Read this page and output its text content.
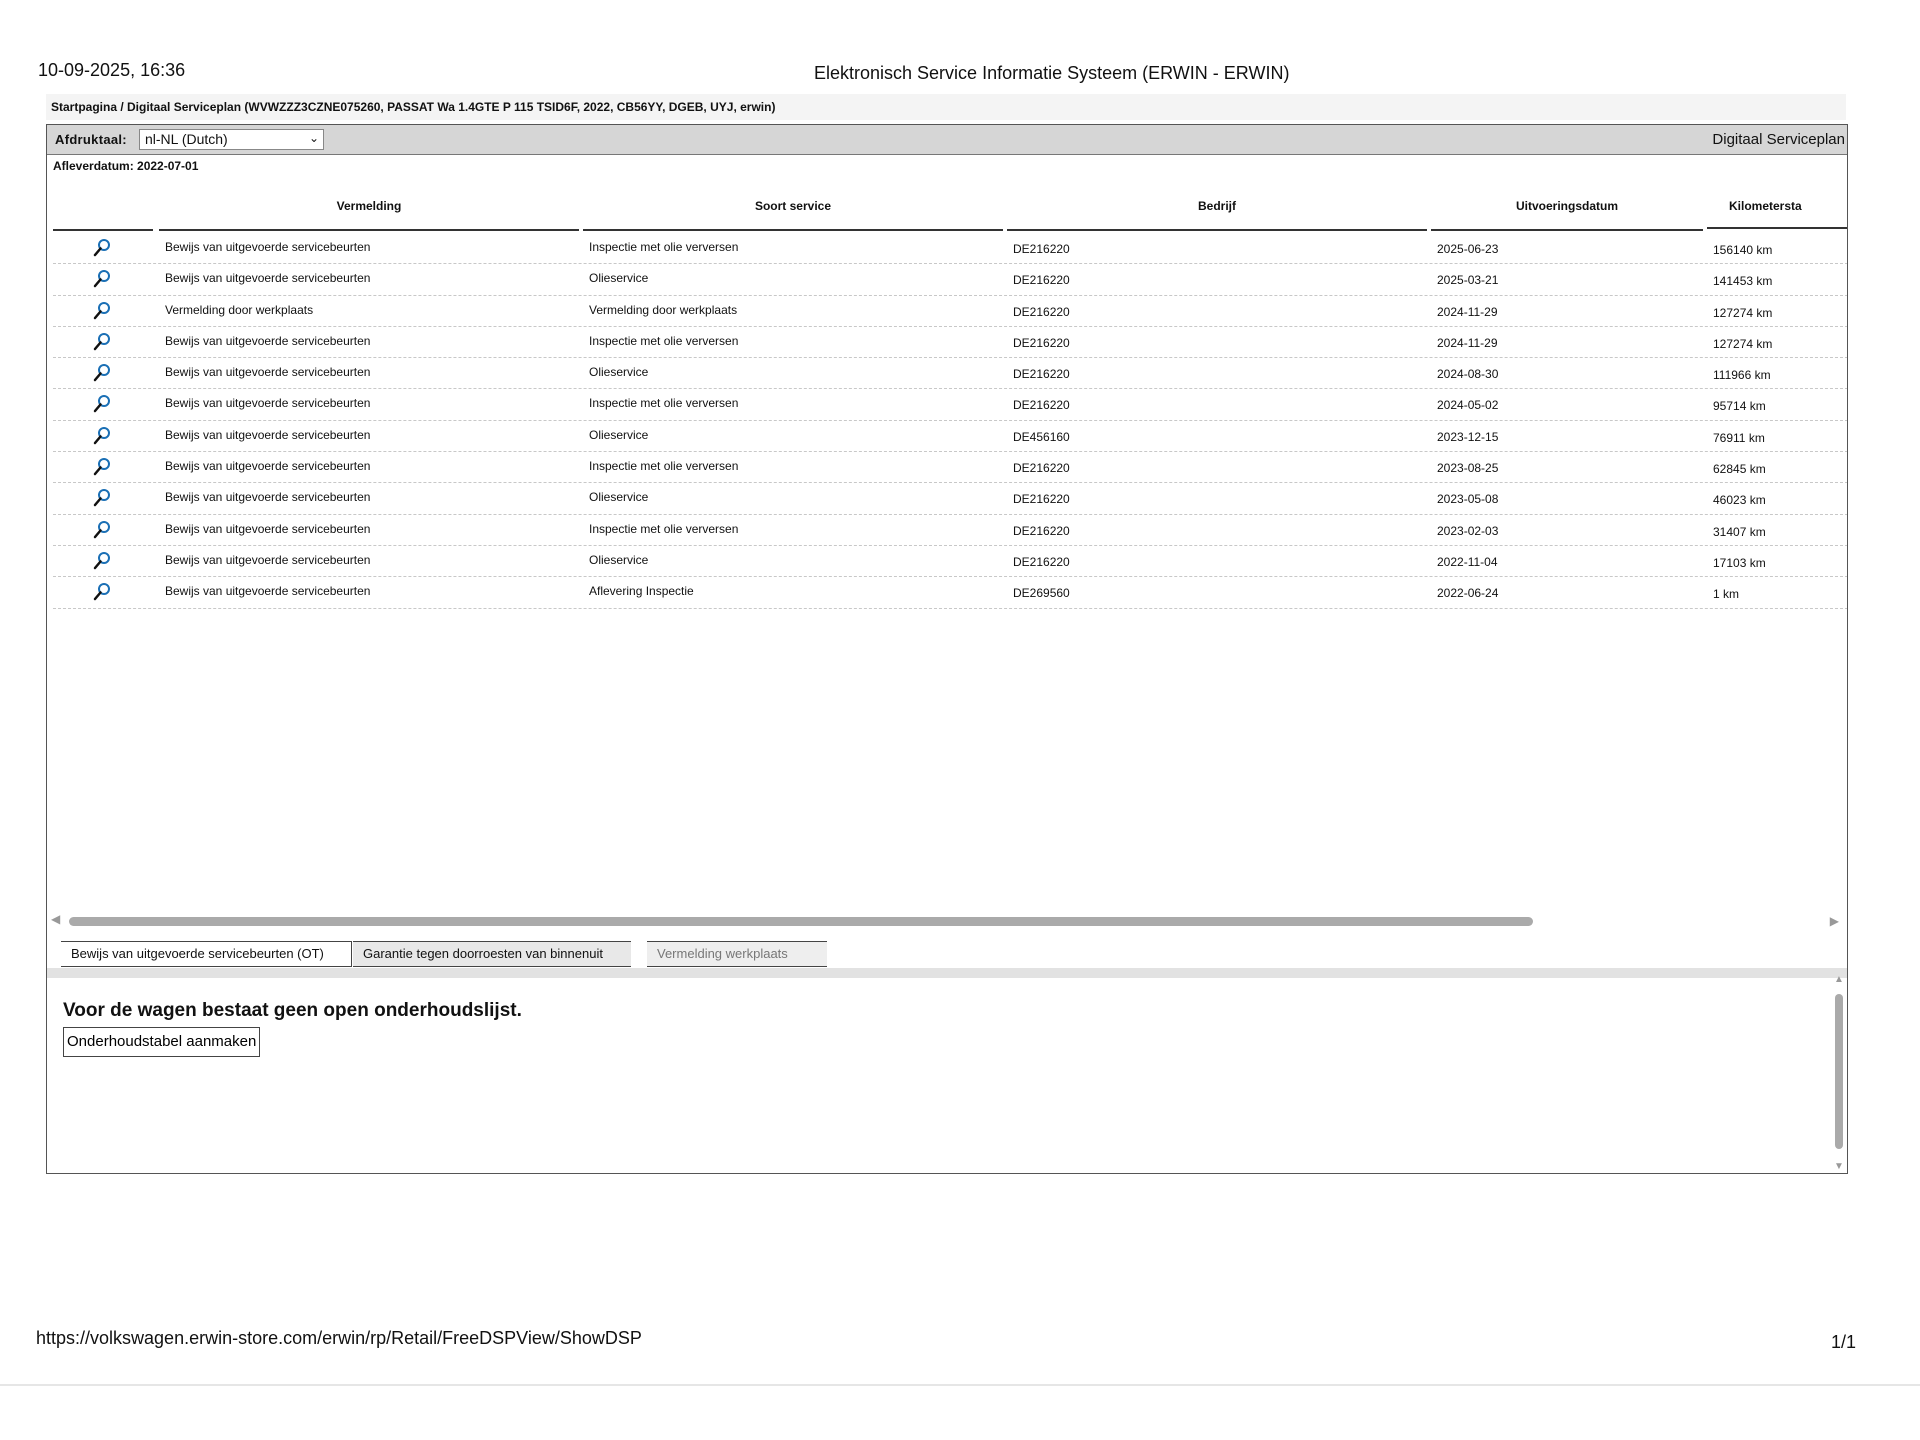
10-09-2025, 16:36	Elektronisch Service Informatie Systeem (ERWIN - ERWIN)
Startpagina / Digitaal Serviceplan (WVWZZZ3CZNE075260, PASSAT Wa 1.4GTE P 115 TSID6F, 2022, CB56YY, DGEB, UYJ, erwin)
Afdruktaal:	nl-NL (Dutch)	⌄	Digitaal Serviceplan
Afleverdatum: 2022-07-01
Vermelding	Soort service	Bedrijf	Uitvoeringsdatum	Kilometersta
Bewijs van uitgevoerde servicebeurten	Inspectie met olie verversen	DE216220	2025-06-23	156140 km
Bewijs van uitgevoerde servicebeurten	Olieservice	DE216220	2025-03-21	141453 km
Vermelding door werkplaats	Vermelding door werkplaats	DE216220	2024-11-29	127274 km
Bewijs van uitgevoerde servicebeurten	Inspectie met olie verversen	DE216220	2024-11-29	127274 km
Bewijs van uitgevoerde servicebeurten	Olieservice	DE216220	2024-08-30	111966 km
Bewijs van uitgevoerde servicebeurten	Inspectie met olie verversen	DE216220	2024-05-02	95714 km
Bewijs van uitgevoerde servicebeurten	Olieservice	DE456160	2023-12-15	76911 km
Bewijs van uitgevoerde servicebeurten	Inspectie met olie verversen	DE216220	2023-08-25	62845 km
Bewijs van uitgevoerde servicebeurten	Olieservice	DE216220	2023-05-08	46023 km
Bewijs van uitgevoerde servicebeurten	Inspectie met olie verversen	DE216220	2023-02-03	31407 km
Bewijs van uitgevoerde servicebeurten	Olieservice	DE216220	2022-11-04	17103 km
Bewijs van uitgevoerde servicebeurten	Aflevering Inspectie	DE269560	2022-06-24	1 km
◀	▶
Bewijs van uitgevoerde servicebeurten (OT)	Garantie tegen doorroesten van binnenuit	Vermelding werkplaats
Voor de wagen bestaat geen open onderhoudslijst.
Onderhoudstabel aanmaken
▲
▼
https://volkswagen.erwin-store.com/erwin/rp/Retail/FreeDSPView/ShowDSP	1/1
